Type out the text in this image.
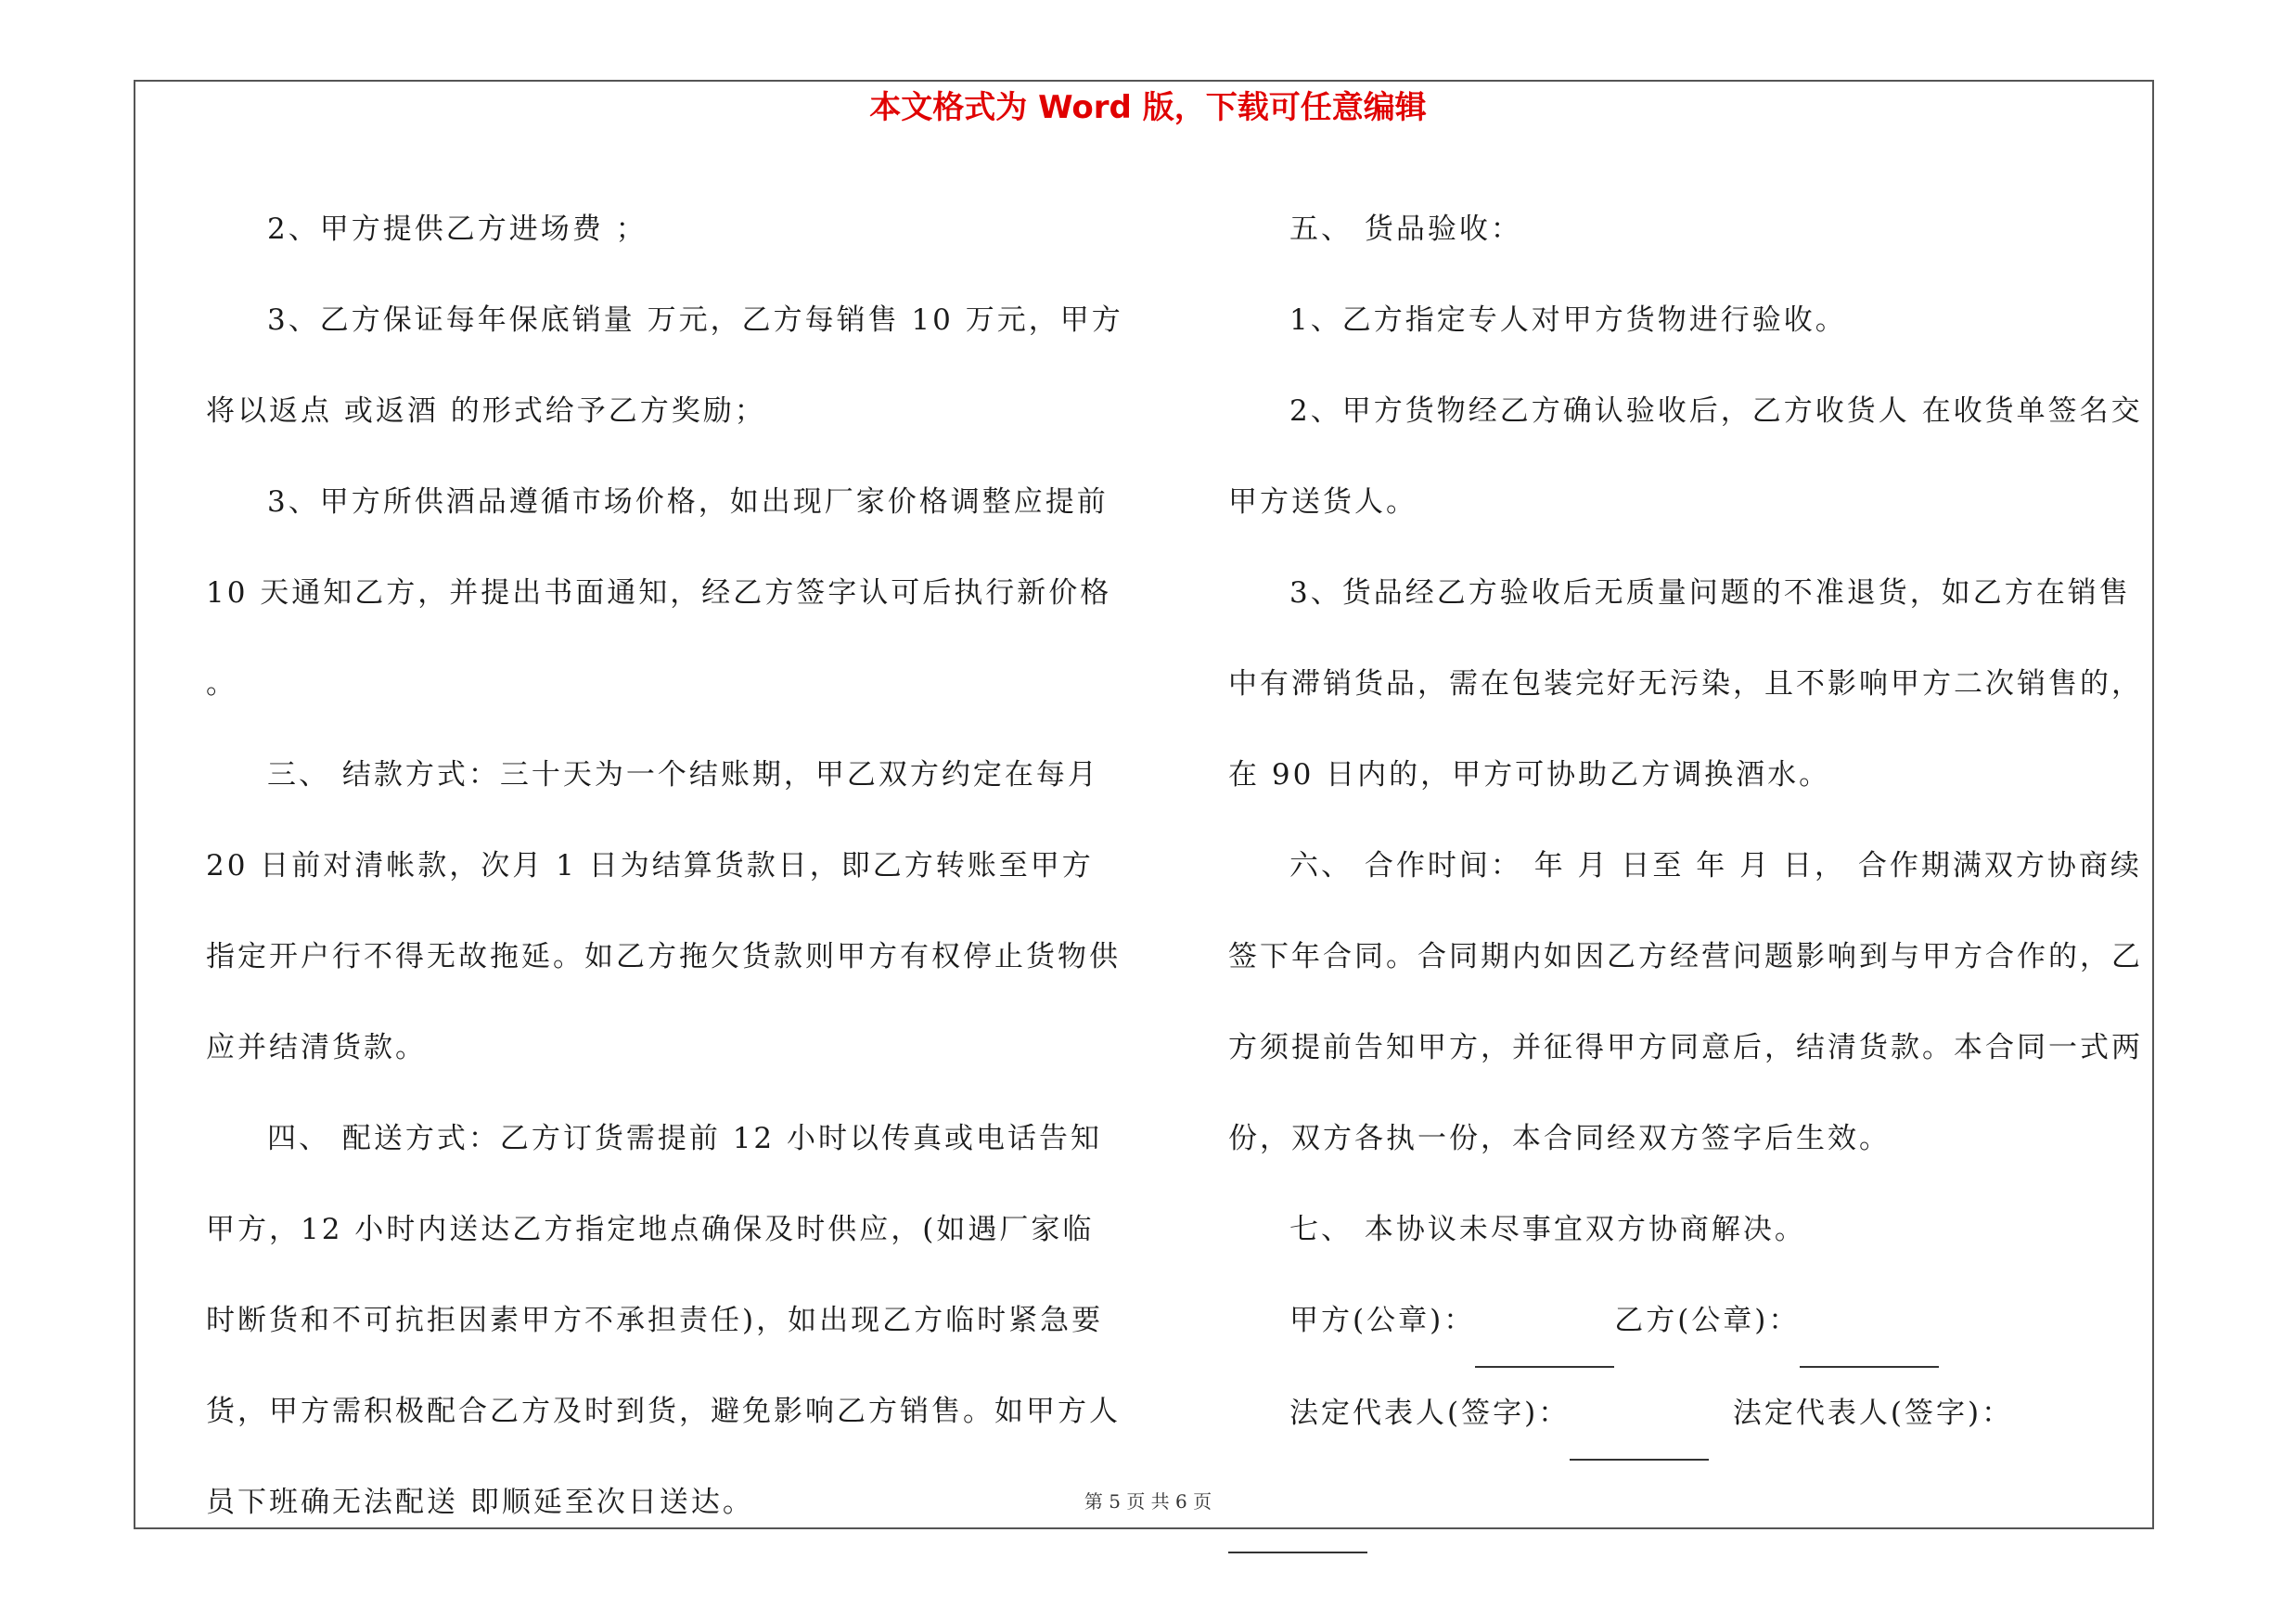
本文格式为 Word 版，下载可任意编辑

2、甲方提供乙方进场费 ；

3、乙方保证每年保底销量 万元，乙方每销售 10 万元，甲方将以返点 或返酒 的形式给予乙方奖励；

3、甲方所供酒品遵循市场价格，如出现厂家价格调整应提前 10 天通知乙方，并提出书面通知，经乙方签字认可后执行新价格 。

三、 结款方式：三十天为一个结账期，甲乙双方约定在每月 20 日前对清帐款，次月 1 日为结算货款日，即乙方转账至甲方指定开户行不得无故拖延。如乙方拖欠货款则甲方有权停止货物供应并结清货款。

四、 配送方式：乙方订货需提前 12 小时以传真或电话告知甲方，12 小时内送达乙方指定地点确保及时供应，(如遇厂家临时断货和不可抗拒因素甲方不承担责任)，如出现乙方临时紧急要货，甲方需积极配合乙方及时到货，避免影响乙方销售。如甲方人员下班确无法配送 即顺延至次日送达。

五、 货品验收：

1、乙方指定专人对甲方货物进行验收。

2、甲方货物经乙方确认验收后，乙方收货人 在收货单签名交甲方送货人。

3、货品经乙方验收后无质量问题的不准退货，如乙方在销售中有滞销货品，需在包装完好无污染，且不影响甲方二次销售的，在 90 日内的，甲方可协助乙方调换酒水。

六、 合作时间： 年 月 日至 年 月 日， 合作期满双方协商续签下年合同。合同期内如因乙方经营问题影响到与甲方合作的，乙方须提前告知甲方，并征得甲方同意后，结清货款。本合同一式两份，双方各执一份，本合同经双方签字后生效。

七、 本协议未尽事宜双方协商解决。

甲方(公章)：	乙方(公章)：

法定代表人(签字)：	法定代表人(签字)：

第 5 页 共 6 页
